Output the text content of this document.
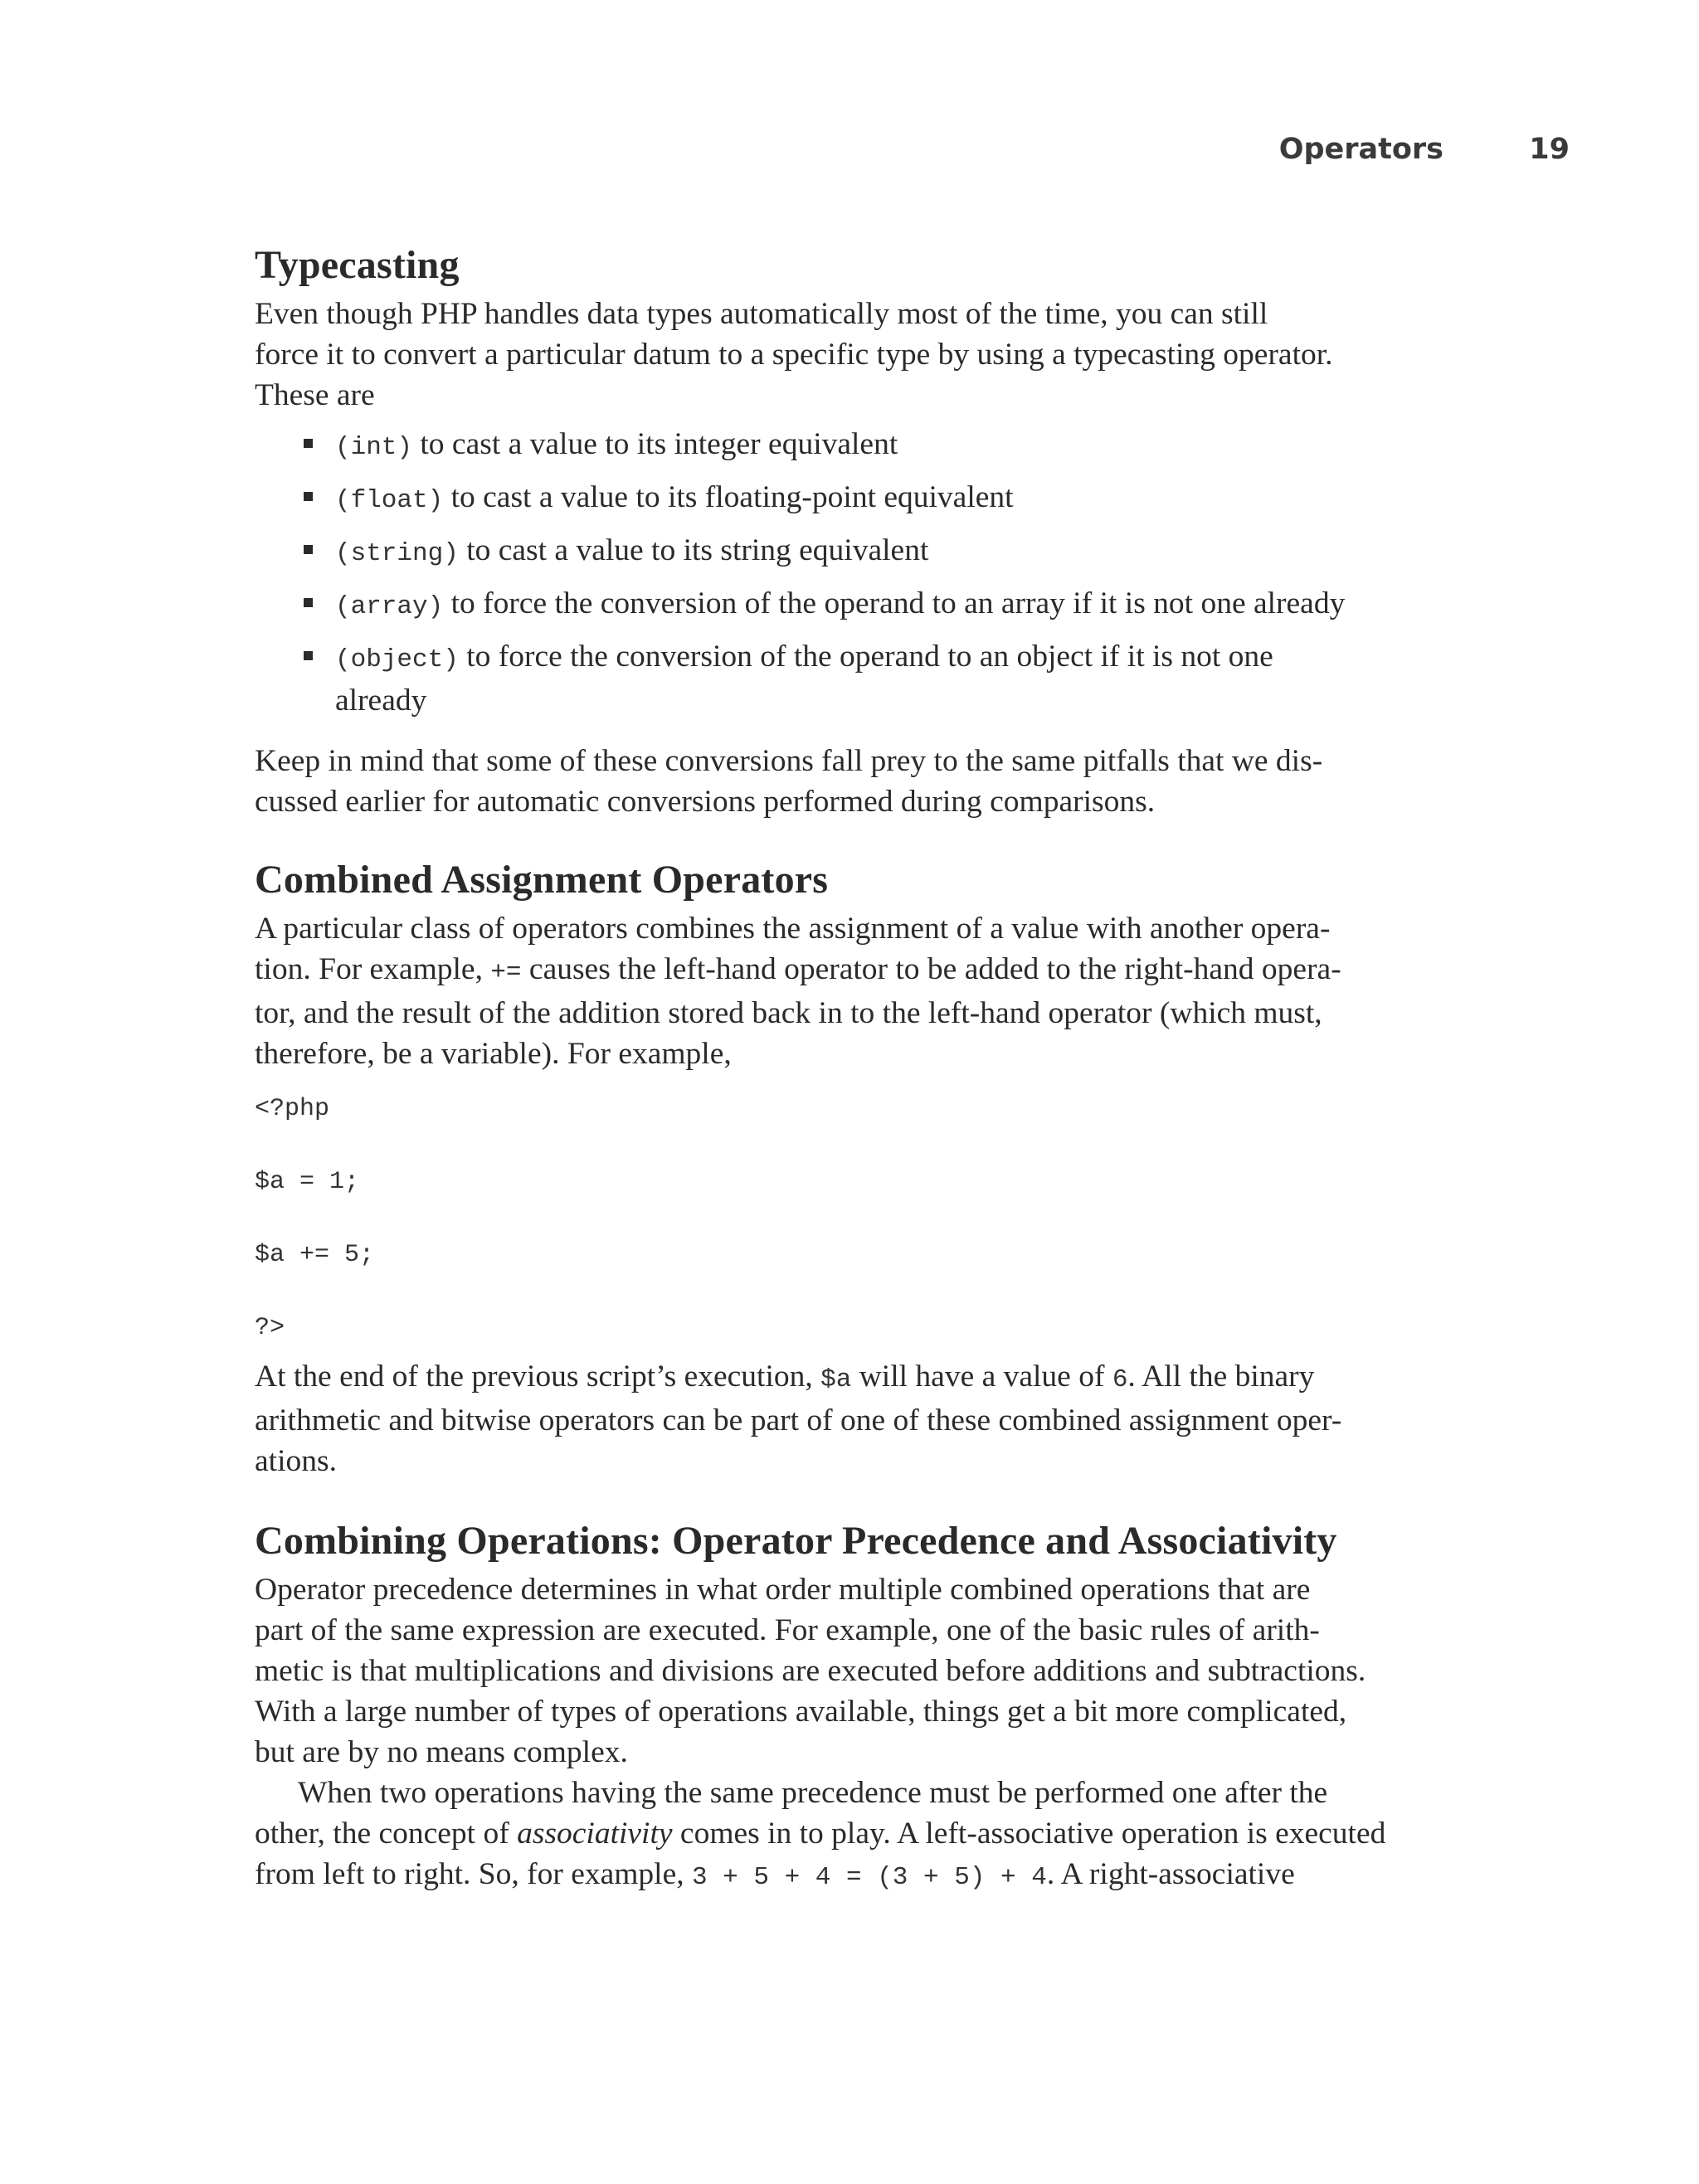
Operators	19
Typecasting

Even though PHP handles data types automatically most of the time, you can still
force it to convert a particular datum to a specific type by using a typecasting operator.
These are

(int) to cast a value to its integer equivalent
(float) to cast a value to its floating-point equivalent
(string) to cast a value to its string equivalent
(array) to force the conversion of the operand to an array if it is not one already
(object) to force the conversion of the operand to an object if it is not one
already

Keep in mind that some of these conversions fall prey to the same pitfalls that we dis-
cussed earlier for automatic conversions performed during comparisons.

Combined Assignment Operators

A particular class of operators combines the assignment of a value with another opera-
tion. For example, += causes the left-hand operator to be added to the right-hand opera-
tor, and the result of the addition stored back in to the left-hand operator (which must,
therefore, be a variable). For example,

<?php
$a = 1;
$a += 5;
?>

At the end of the previous script’s execution, $a will have a value of 6. All the binary
arithmetic and bitwise operators can be part of one of these combined assignment oper-
ations.

Combining Operations: Operator Precedence and Associativity

Operator precedence determines in what order multiple combined operations that are
part of the same expression are executed. For example, one of the basic rules of arith-
metic is that multiplications and divisions are executed before additions and subtractions.
With a large number of types of operations available, things get a bit more complicated,
but are by no means complex.

When two operations having the same precedence must be performed one after the
other, the concept of associativity comes in to play. A left-associative operation is executed
from left to right. So, for example, 3 + 5 + 4 = (3 + 5) + 4. A right-associative
